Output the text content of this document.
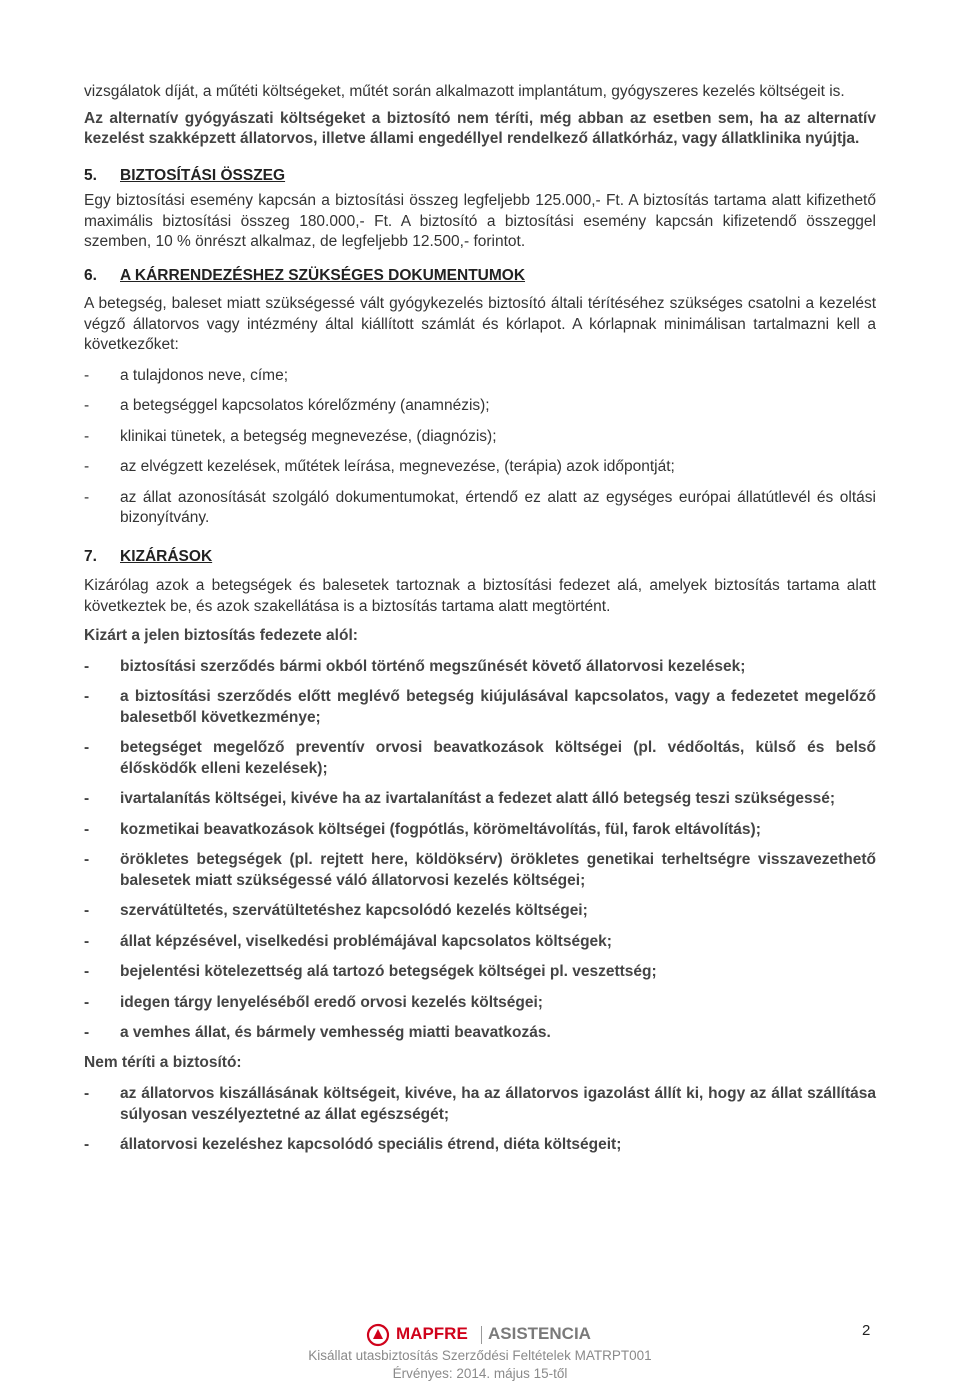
vizsgálatok díját, a műtéti költségeket, műtét során alkalmazott implantátum, gyógyszeres kezelés költségeit is.

Az alternatív gyógyászati költségeket a biztosító nem téríti, még abban az esetben sem, ha az alternatív kezelést szakképzett állatorvos, illetve állami engedéllyel rendelkező állatkórház, vagy állatklinika nyújtja.

5. BIZTOSÍTÁSI ÖSSZEG

Egy biztosítási esemény kapcsán a biztosítási összeg legfeljebb 125.000,- Ft. A biztosítás tartama alatt kifizethető maximális biztosítási összeg 180.000,- Ft. A biztosító a biztosítási esemény kapcsán kifizetendő összeggel szemben, 10 % önrészt alkalmaz, de legfeljebb 12.500,- forintot.

6. A KÁRRENDEZÉSHEZ SZÜKSÉGES DOKUMENTUMOK

A betegség, baleset miatt szükségessé vált gyógykezelés biztosító általi térítéséhez szükséges csatolni a kezelést végző állatorvos vagy intézmény által kiállított számlát és kórlapot. A kórlapnak minimálisan tartalmazni kell a következőket:

- a tulajdonos neve, címe;
- a betegséggel kapcsolatos kórelőzmény (anamnézis);
- klinikai tünetek, a betegség megnevezése, (diagnózis);
- az elvégzett kezelések, műtétek leírása, megnevezése, (terápia) azok időpontját;
- az állat azonosítását szolgáló dokumentumokat, értendő ez alatt az egységes európai állatútlevél és oltási bizonyítvány.
7. KIZÁRÁSOK

Kizárólag azok a betegségek és balesetek tartoznak a biztosítási fedezet alá, amelyek biztosítás tartama alatt következtek be, és azok szakellátása is a biztosítás tartama alatt megtörtént.

Kizárt a jelen biztosítás fedezete alól:

- biztosítási szerződés bármi okból történő megszűnését követő állatorvosi kezelések;
- a biztosítási szerződés előtt meglévő betegség kiújulásával kapcsolatos, vagy a fedezetet megelőző balesetből következménye;
- betegséget megelőző preventív orvosi beavatkozások költségei (pl. védőoltás, külső és belső élősködők elleni kezelések);
- ivartalanítás költségei, kivéve ha az ivartalanítást a fedezet alatt álló betegség teszi szükségessé;
- kozmetikai beavatkozások költségei (fogpótlás, körömeltávolítás, fül, farok eltávolítás);
- örökletes betegségek (pl. rejtett here, köldöksérv) örökletes genetikai terheltségre visszavezethető balesetek miatt szükségessé váló állatorvosi kezelés költségei;
- szervátültetés, szervátültetéshez kapcsolódó kezelés költségei;
- állat képzésével, viselkedési problémájával kapcsolatos költségek;
- bejelentési kötelezettség alá tartozó betegségek költségei pl. veszettség;
- idegen tárgy lenyeléséből eredő orvosi kezelés költségei;
- a vemhes állat, és bármely vemhesség miatti beavatkozás.

Nem téríti a biztosító:

- az állatorvos kiszállásának költségeit, kivéve, ha az állatorvos igazolást állít ki, hogy az állat szállítása súlyosan veszélyeztetné az állat egészségét;
- állatorvosi kezeléshez kapcsolódó speciális étrend, diéta költségeit;
MAPFRE ASISTENCIA	2
Kisállat utasbiztosítás Szerződési Feltételek MATRPT001
Érvényes: 2014. május 15-től
